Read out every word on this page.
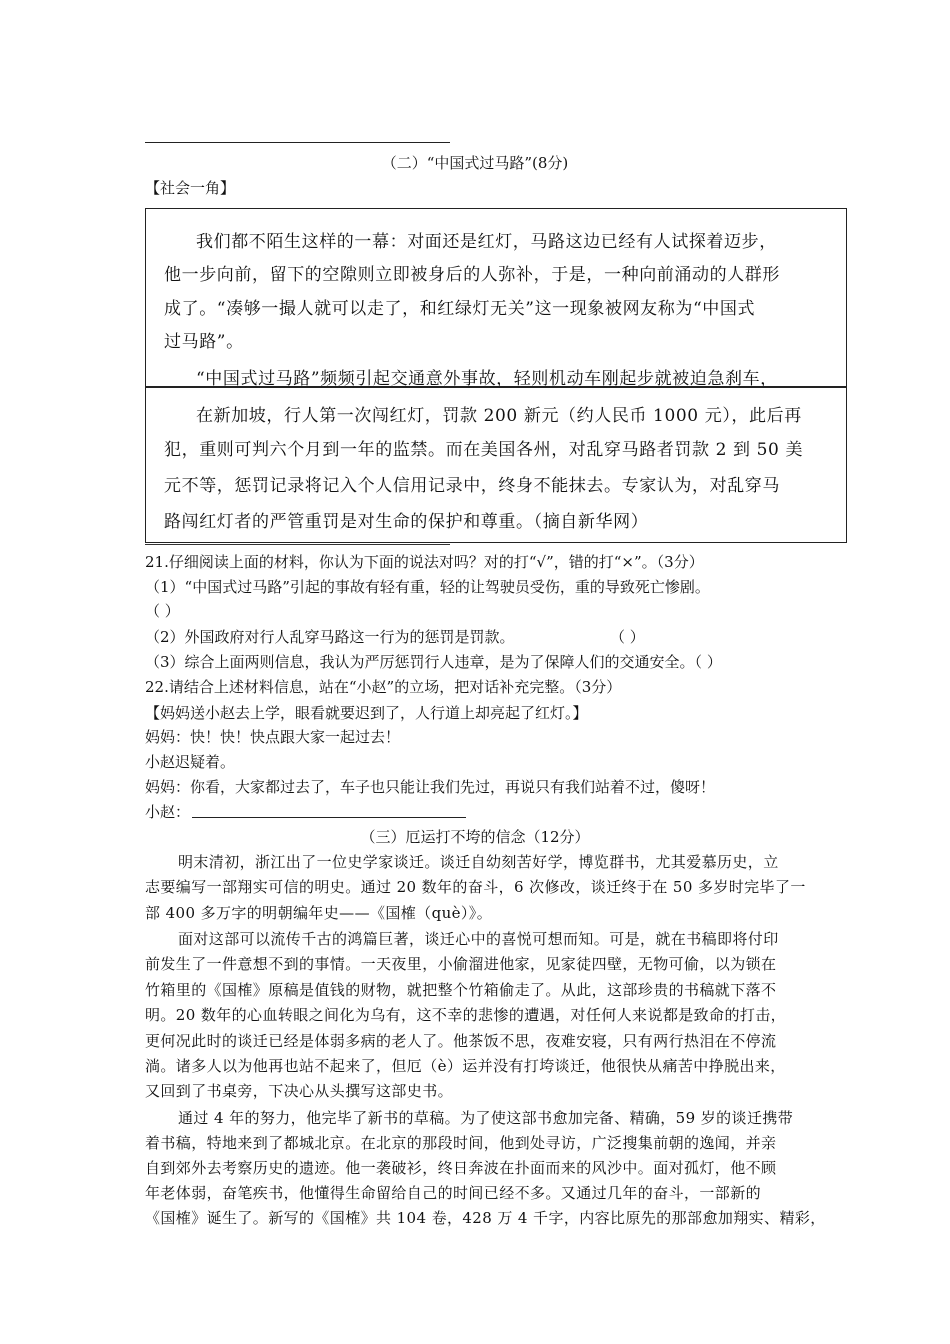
（二）“中国式过马路”(8分)
【社会一角】
我们都不陌生这样的一幕：对面还是红灯，马路这边已经有人试探着迈步，
他一步向前，留下的空隙则立即被身后的人弥补，于是，一种向前涌动的人群形
成了。“凑够一撮人就可以走了，和红绿灯无关”这一现象被网友称为“中国式
过马路”。
“中国式过马路”频频引起交通意外事故，轻则机动车刚起步就被迫急刹车，
在新加坡，行人第一次闯红灯，罚款 200 新元（约人民币 1000 元），此后再
犯，重则可判六个月到一年的监禁。而在美国各州，对乱穿马路者罚款 2 到 50 美
元不等，惩罚记录将记入个人信用记录中，终身不能抹去。专家认为，对乱穿马
路闯红灯者的严管重罚是对生命的保护和尊重。（摘自新华网）
21.仔细阅读上面的材料，你认为下面的说法对吗？对的打“√”，错的打“×”。（3分）
（1）“中国式过马路”引起的事故有轻有重，轻的让驾驶员受伤，重的导致死亡惨剧。
（ ）
（2）外国政府对行人乱穿马路这一行为的惩罚是罚款。	（ ）
（3）综合上面两则信息，我认为严厉惩罚行人违章，是为了保障人们的交通安全。（ ）
22.请结合上述材料信息，站在“小赵”的立场，把对话补充完整。（3分）
【妈妈送小赵去上学，眼看就要迟到了，人行道上却亮起了红灯。】
妈妈：快！快！快点跟大家一起过去！
小赵迟疑着。
妈妈：你看，大家都过去了，车子也只能让我们先过，再说只有我们站着不过，傻呀！
小赵：
（三）厄运打不垮的信念（12分）
明末清初，浙江出了一位史学家谈迁。谈迁自幼刻苦好学，博览群书，尤其爱慕历史，立
志要编写一部翔实可信的明史。通过 20 数年的奋斗，6 次修改，谈迁终于在 50 多岁时完毕了一
部 400 多万字的明朝编年史——《国榷（què）》。
面对这部可以流传千古的鸿篇巨著，谈迁心中的喜悦可想而知。可是，就在书稿即将付印
前发生了一件意想不到的事情。一天夜里，小偷溜进他家，见家徒四壁，无物可偷，以为锁在
竹箱里的《国榷》原稿是值钱的财物，就把整个竹箱偷走了。从此，这部珍贵的书稿就下落不
明。20 数年的心血转眼之间化为乌有，这不幸的悲惨的遭遇，对任何人来说都是致命的打击，
更何况此时的谈迁已经是体弱多病的老人了。他茶饭不思，夜难安寝，只有两行热泪在不停流
淌。诸多人以为他再也站不起来了，但厄（è）运并没有打垮谈迁，他很快从痛苦中挣脱出来，
又回到了书桌旁，下决心从头撰写这部史书。
通过 4 年的努力，他完毕了新书的草稿。为了使这部书愈加完备、精确，59 岁的谈迁携带
着书稿，特地来到了都城北京。在北京的那段时间，他到处寻访，广泛搜集前朝的逸闻，并亲
自到郊外去考察历史的遗迹。他一袭破衫，终日奔波在扑面而来的风沙中。面对孤灯，他不顾
年老体弱，奋笔疾书，他懂得生命留给自己的时间已经不多。又通过几年的奋斗，一部新的
《国榷》诞生了。新写的《国榷》共 104 卷，428 万 4 千字，内容比原先的那部愈加翔实、精彩，
